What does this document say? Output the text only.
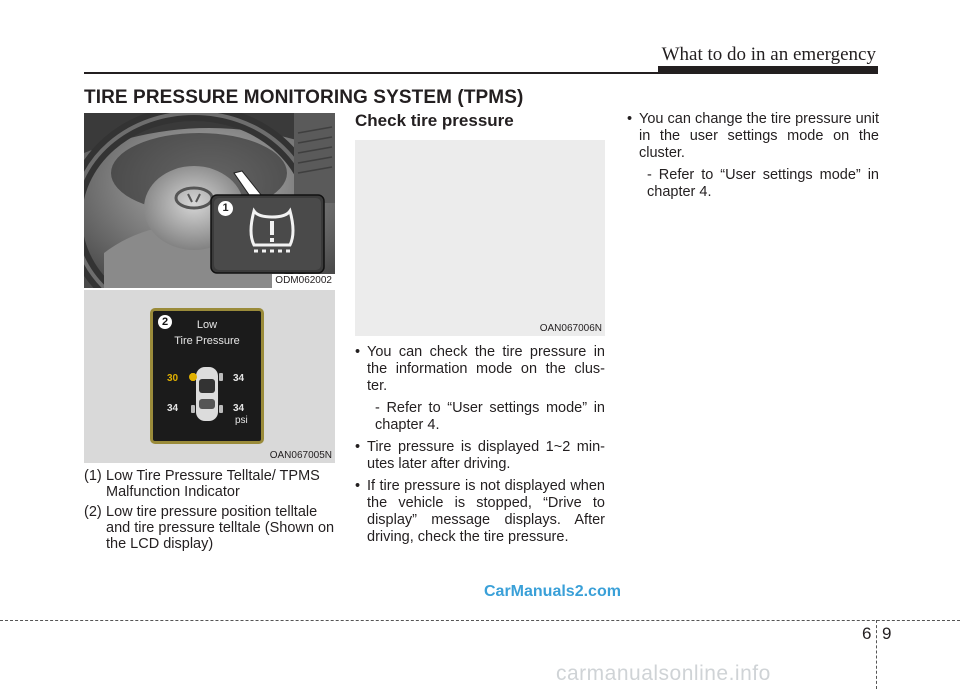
What to do in an emergency
TIRE PRESSURE MONITORING SYSTEM (TPMS)
1
ODM062002
2	Low
Tire Pressure
30	34
34	34
psi
OAN067005N
(1) Low Tire Pressure Telltale/ TPMS Malfunction Indicator
(2) Low tire pressure position telltale and tire pressure telltale (Shown on the LCD display)
Check tire pressure
OAN067006N
• You can check the tire pressure in the information mode on the clus- ter.
- Refer to “User settings mode” in chapter 4.
• Tire pressure is displayed 1~2 min- utes later after driving.
• If tire pressure is not displayed when the vehicle is stopped, “Drive to display” message displays. After driving, check the tire pressure.
• You can change the tire pressure unit in the user settings mode on the cluster.
- Refer to “User settings mode” in chapter 4.
CarManuals2.com
6 9
carmanualsonline.info
